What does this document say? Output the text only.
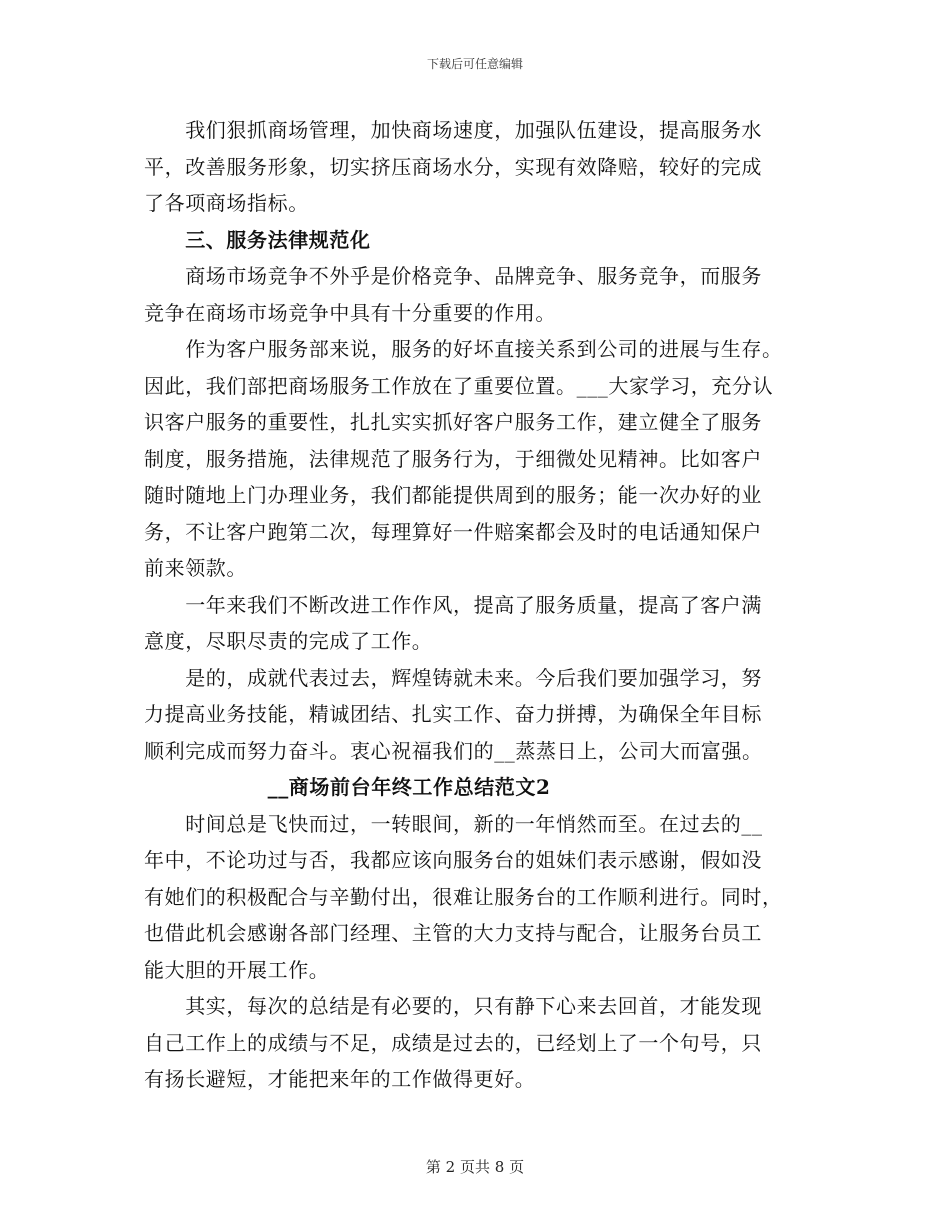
下载后可任意编辑
　　我们狠抓商场管理，加快商场速度，加强队伍建设，提高服务水
平，改善服务形象，切实挤压商场水分，实现有效降赔，较好的完成
了各项商场指标。
　　三、服务法律规范化
　　商场市场竞争不外乎是价格竞争、品牌竞争、服务竞争，而服务
竞争在商场市场竞争中具有十分重要的作用。
　　作为客户服务部来说，服务的好坏直接关系到公司的进展与生存。
因此，我们部把商场服务工作放在了重要位置。___大家学习，充分认
识客户服务的重要性，扎扎实实抓好客户服务工作，建立健全了服务
制度，服务措施，法律规范了服务行为，于细微处见精神。比如客户
随时随地上门办理业务，我们都能提供周到的服务；能一次办好的业
务，不让客户跑第二次，每理算好一件赔案都会及时的电话通知保户
前来领款。
　　一年来我们不断改进工作作风，提高了服务质量，提高了客户满
意度，尽职尽责的完成了工作。
　　是的，成就代表过去，辉煌铸就未来。今后我们要加强学习，努
力提高业务技能，精诚团结、扎实工作、奋力拼搏，为确保全年目标
顺利完成而努力奋斗。衷心祝福我们的__蒸蒸日上，公司大而富强。
　　　　　　__商场前台年终工作总结范文2
　　时间总是飞快而过，一转眼间，新的一年悄然而至。在过去的__
年中，不论功过与否，我都应该向服务台的姐妹们表示感谢，假如没
有她们的积极配合与辛勤付出，很难让服务台的工作顺利进行。同时，
也借此机会感谢各部门经理、主管的大力支持与配合，让服务台员工
能大胆的开展工作。
　　其实，每次的总结是有必要的，只有静下心来去回首，才能发现
自己工作上的成绩与不足，成绩是过去的，已经划上了一个句号，只
有扬长避短，才能把来年的工作做得更好。
第 2 页共 8 页
